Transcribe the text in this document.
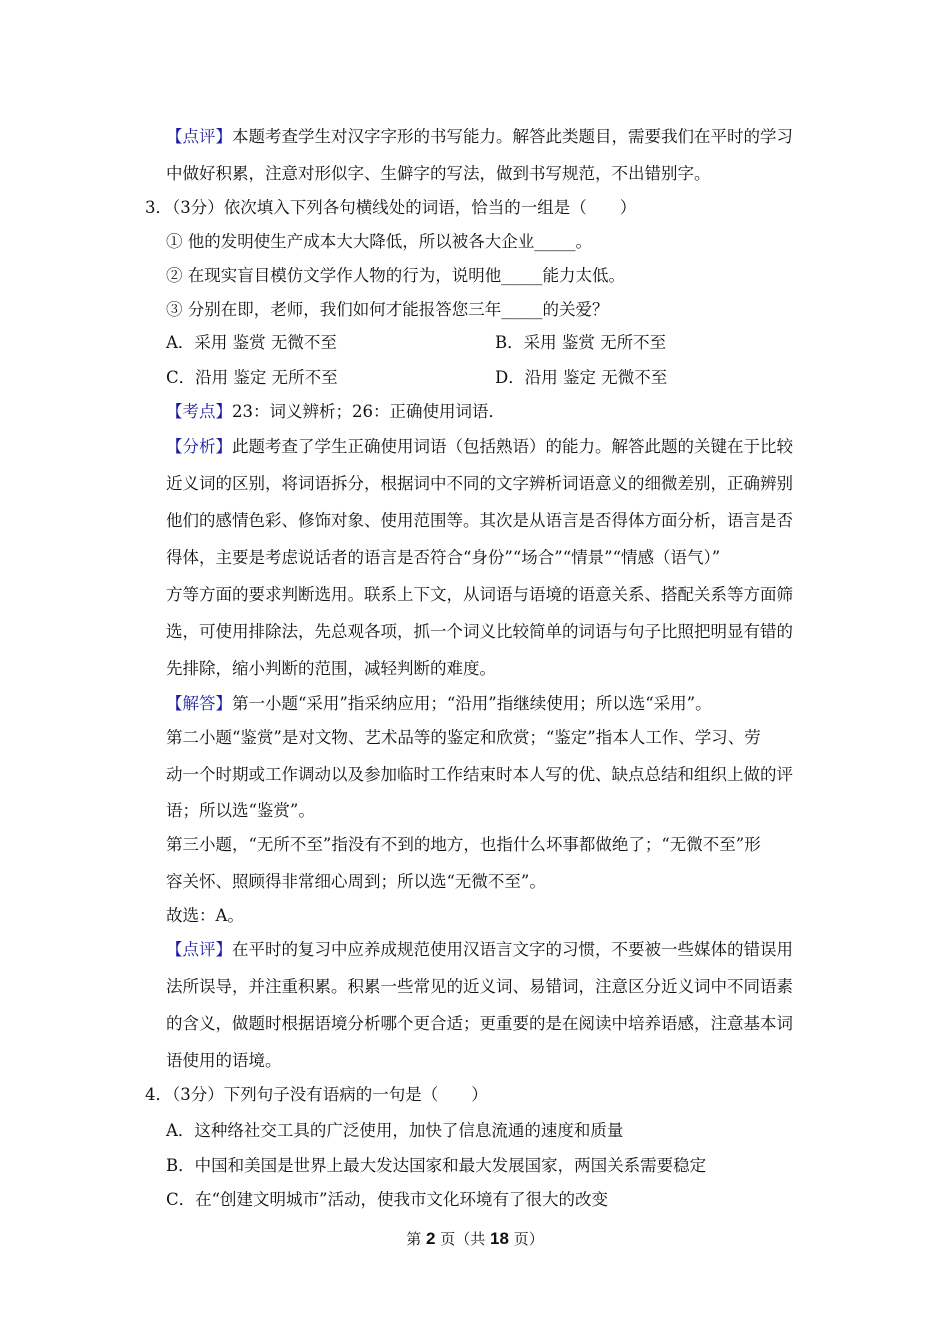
【点评】本题考查学生对汉字字形的书写能力。解答此类题目，需要我们在平时的学习
中做好积累，注意对形似字、生僻字的写法，做到书写规范，不出错别字。
3．（3分）依次填入下列各句横线处的词语，恰当的一组是（　　）
① 他的发明使生产成本大大降低，所以被各大企业_____。
② 在现实盲目模仿文学作人物的行为，说明他_____能力太低。
③ 分别在即，老师，我们如何才能报答您三年_____的关爱？
A．采用 鉴赏 无微不至	B．采用 鉴赏 无所不至
C．沿用 鉴定 无所不至	D．沿用 鉴定 无微不至
【考点】23：词义辨析；26：正确使用词语．
【分析】此题考查了学生正确使用词语（包括熟语）的能力。解答此题的关键在于比较
近义词的区别，将词语拆分，根据词中不同的文字辨析词语意义的细微差别，正确辨别
他们的感情色彩、修饰对象、使用范围等。其次是从语言是否得体方面分析，语言是否
得体，主要是考虑说话者的语言是否符合“身份”“场合”“情景”“情感（语气）”
方等方面的要求判断选用。联系上下文，从词语与语境的语意关系、搭配关系等方面筛
选，可使用排除法，先总观各项，抓一个词义比较简单的词语与句子比照把明显有错的
先排除，缩小判断的范围，减轻判断的难度。
【解答】第一小题“采用”指采纳应用；“沿用”指继续使用；所以选“采用”。
第二小题“鉴赏”是对文物、艺术品等的鉴定和欣赏；“鉴定”指本人工作、学习、劳
动一个时期或工作调动以及参加临时工作结束时本人写的优、缺点总结和组织上做的评
语；所以选“鉴赏”。
第三小题，“无所不至”指没有不到的地方，也指什么坏事都做绝了；“无微不至”形
容关怀、照顾得非常细心周到；所以选“无微不至”。
故选：A。
【点评】在平时的复习中应养成规范使用汉语言文字的习惯，不要被一些媒体的错误用
法所误导，并注重积累。积累一些常见的近义词、易错词，注意区分近义词中不同语素
的含义，做题时根据语境分析哪个更合适；更重要的是在阅读中培养语感，注意基本词
语使用的语境。
4．（3分）下列句子没有语病的一句是（　　）
A．这种络社交工具的广泛使用，加快了信息流通的速度和质量
B．中国和美国是世界上最大发达国家和最大发展国家，两国关系需要稳定
C．在“创建文明城市”活动，使我市文化环境有了很大的改变
第 2 页（共 18 页）
